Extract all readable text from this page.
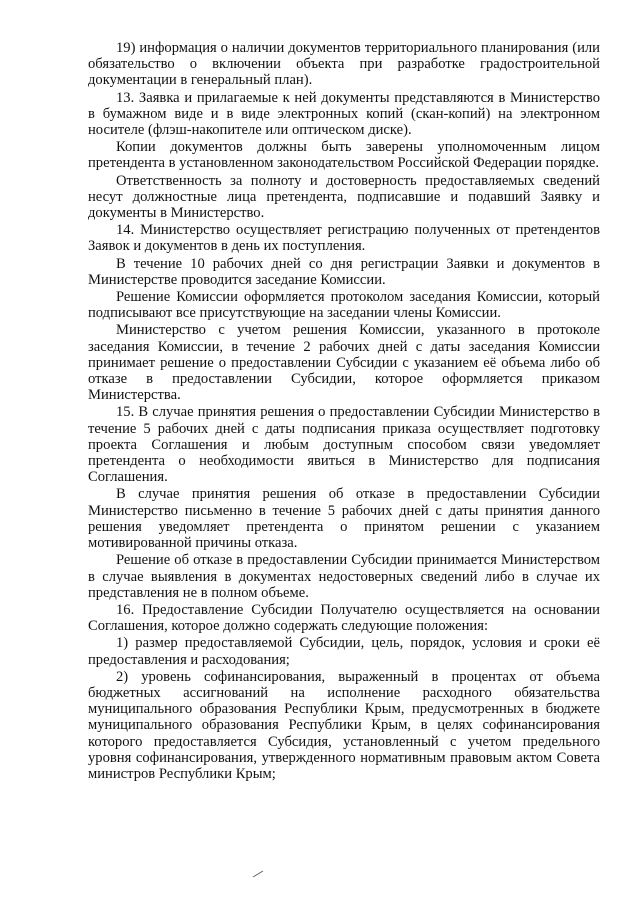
19) информация о наличии документов территориального планирования (или обязательство о включении объекта при разработке градостроительной документации в генеральный план).

13. Заявка и прилагаемые к ней документы представляются в Министерство в бумажном виде и в виде электронных копий (скан-копий) на электронном носителе (флэш-накопителе или оптическом диске).

Копии документов должны быть заверены уполномоченным лицом претендента в установленном законодательством Российской Федерации порядке.

Ответственность за полноту и достоверность предоставляемых сведений несут должностные лица претендента, подписавшие и подавший Заявку и документы в Министерство.

14. Министерство осуществляет регистрацию полученных от претендентов Заявок и документов в день их поступления.

В течение 10 рабочих дней со дня регистрации Заявки и документов в Министерстве проводится заседание Комиссии.

Решение Комиссии оформляется протоколом заседания Комиссии, который подписывают все присутствующие на заседании члены Комиссии.

Министерство с учетом решения Комиссии, указанного в протоколе заседания Комиссии, в течение 2 рабочих дней с даты заседания Комиссии принимает решение о предоставлении Субсидии с указанием её объема либо об отказе в предоставлении Субсидии, которое оформляется приказом Министерства.

15. В случае принятия решения о предоставлении Субсидии Министерство в течение 5 рабочих дней с даты подписания приказа осуществляет подготовку проекта Соглашения и любым доступным способом связи уведомляет претендента о необходимости явиться в Министерство для подписания Соглашения.

В случае принятия решения об отказе в предоставлении Субсидии Министерство письменно в течение 5 рабочих дней с даты принятия данного решения уведомляет претендента о принятом решении с указанием мотивированной причины отказа.

Решение об отказе в предоставлении Субсидии принимается Министерством в случае выявления в документах недостоверных сведений либо в случае их представления не в полном объеме.

16. Предоставление Субсидии Получателю осуществляется на основании Соглашения, которое должно содержать следующие положения:

1) размер предоставляемой Субсидии, цель, порядок, условия и сроки её предоставления и расходования;

2) уровень софинансирования, выраженный в процентах от объема бюджетных ассигнований на исполнение расходного обязательства муниципального образования Республики Крым, предусмотренных в бюджете муниципального образования Республики Крым, в целях софинансирования которого предоставляется Субсидия, установленный с учетом предельного уровня софинансирования, утвержденного нормативным правовым актом Совета министров Республики Крым;
